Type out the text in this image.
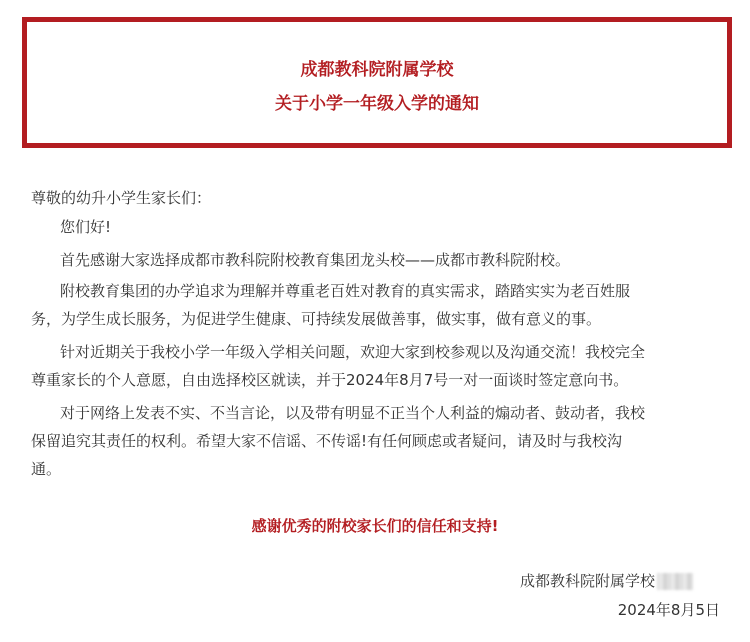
成都教科院附属学校
关于小学一年级入学的通知
尊敬的幼升小学生家长们：
您们好!
首先感谢大家选择成都市教科院附校教育集团龙头校——成都市教科院附校。
附校教育集团的办学追求为理解并尊重老百姓对教育的真实需求，踏踏实实为老百姓服
务，为学生成长服务，为促进学生健康、可持续发展做善事，做实事，做有意义的事。
针对近期关于我校小学一年级入学相关问题，欢迎大家到校参观以及沟通交流！我校完全
尊重家长的个人意愿，自由选择校区就读，并于2024年8月7号一对一面谈时签定意向书。
对于网络上发表不实、不当言论，以及带有明显不正当个人利益的煽动者、鼓动者，我校
保留追究其责任的权利。希望大家不信谣、不传谣!有任何顾虑或者疑问，请及时与我校沟
通。
感谢优秀的附校家长们的信任和支持!
成都教科院附属学校
2024年8月5日
